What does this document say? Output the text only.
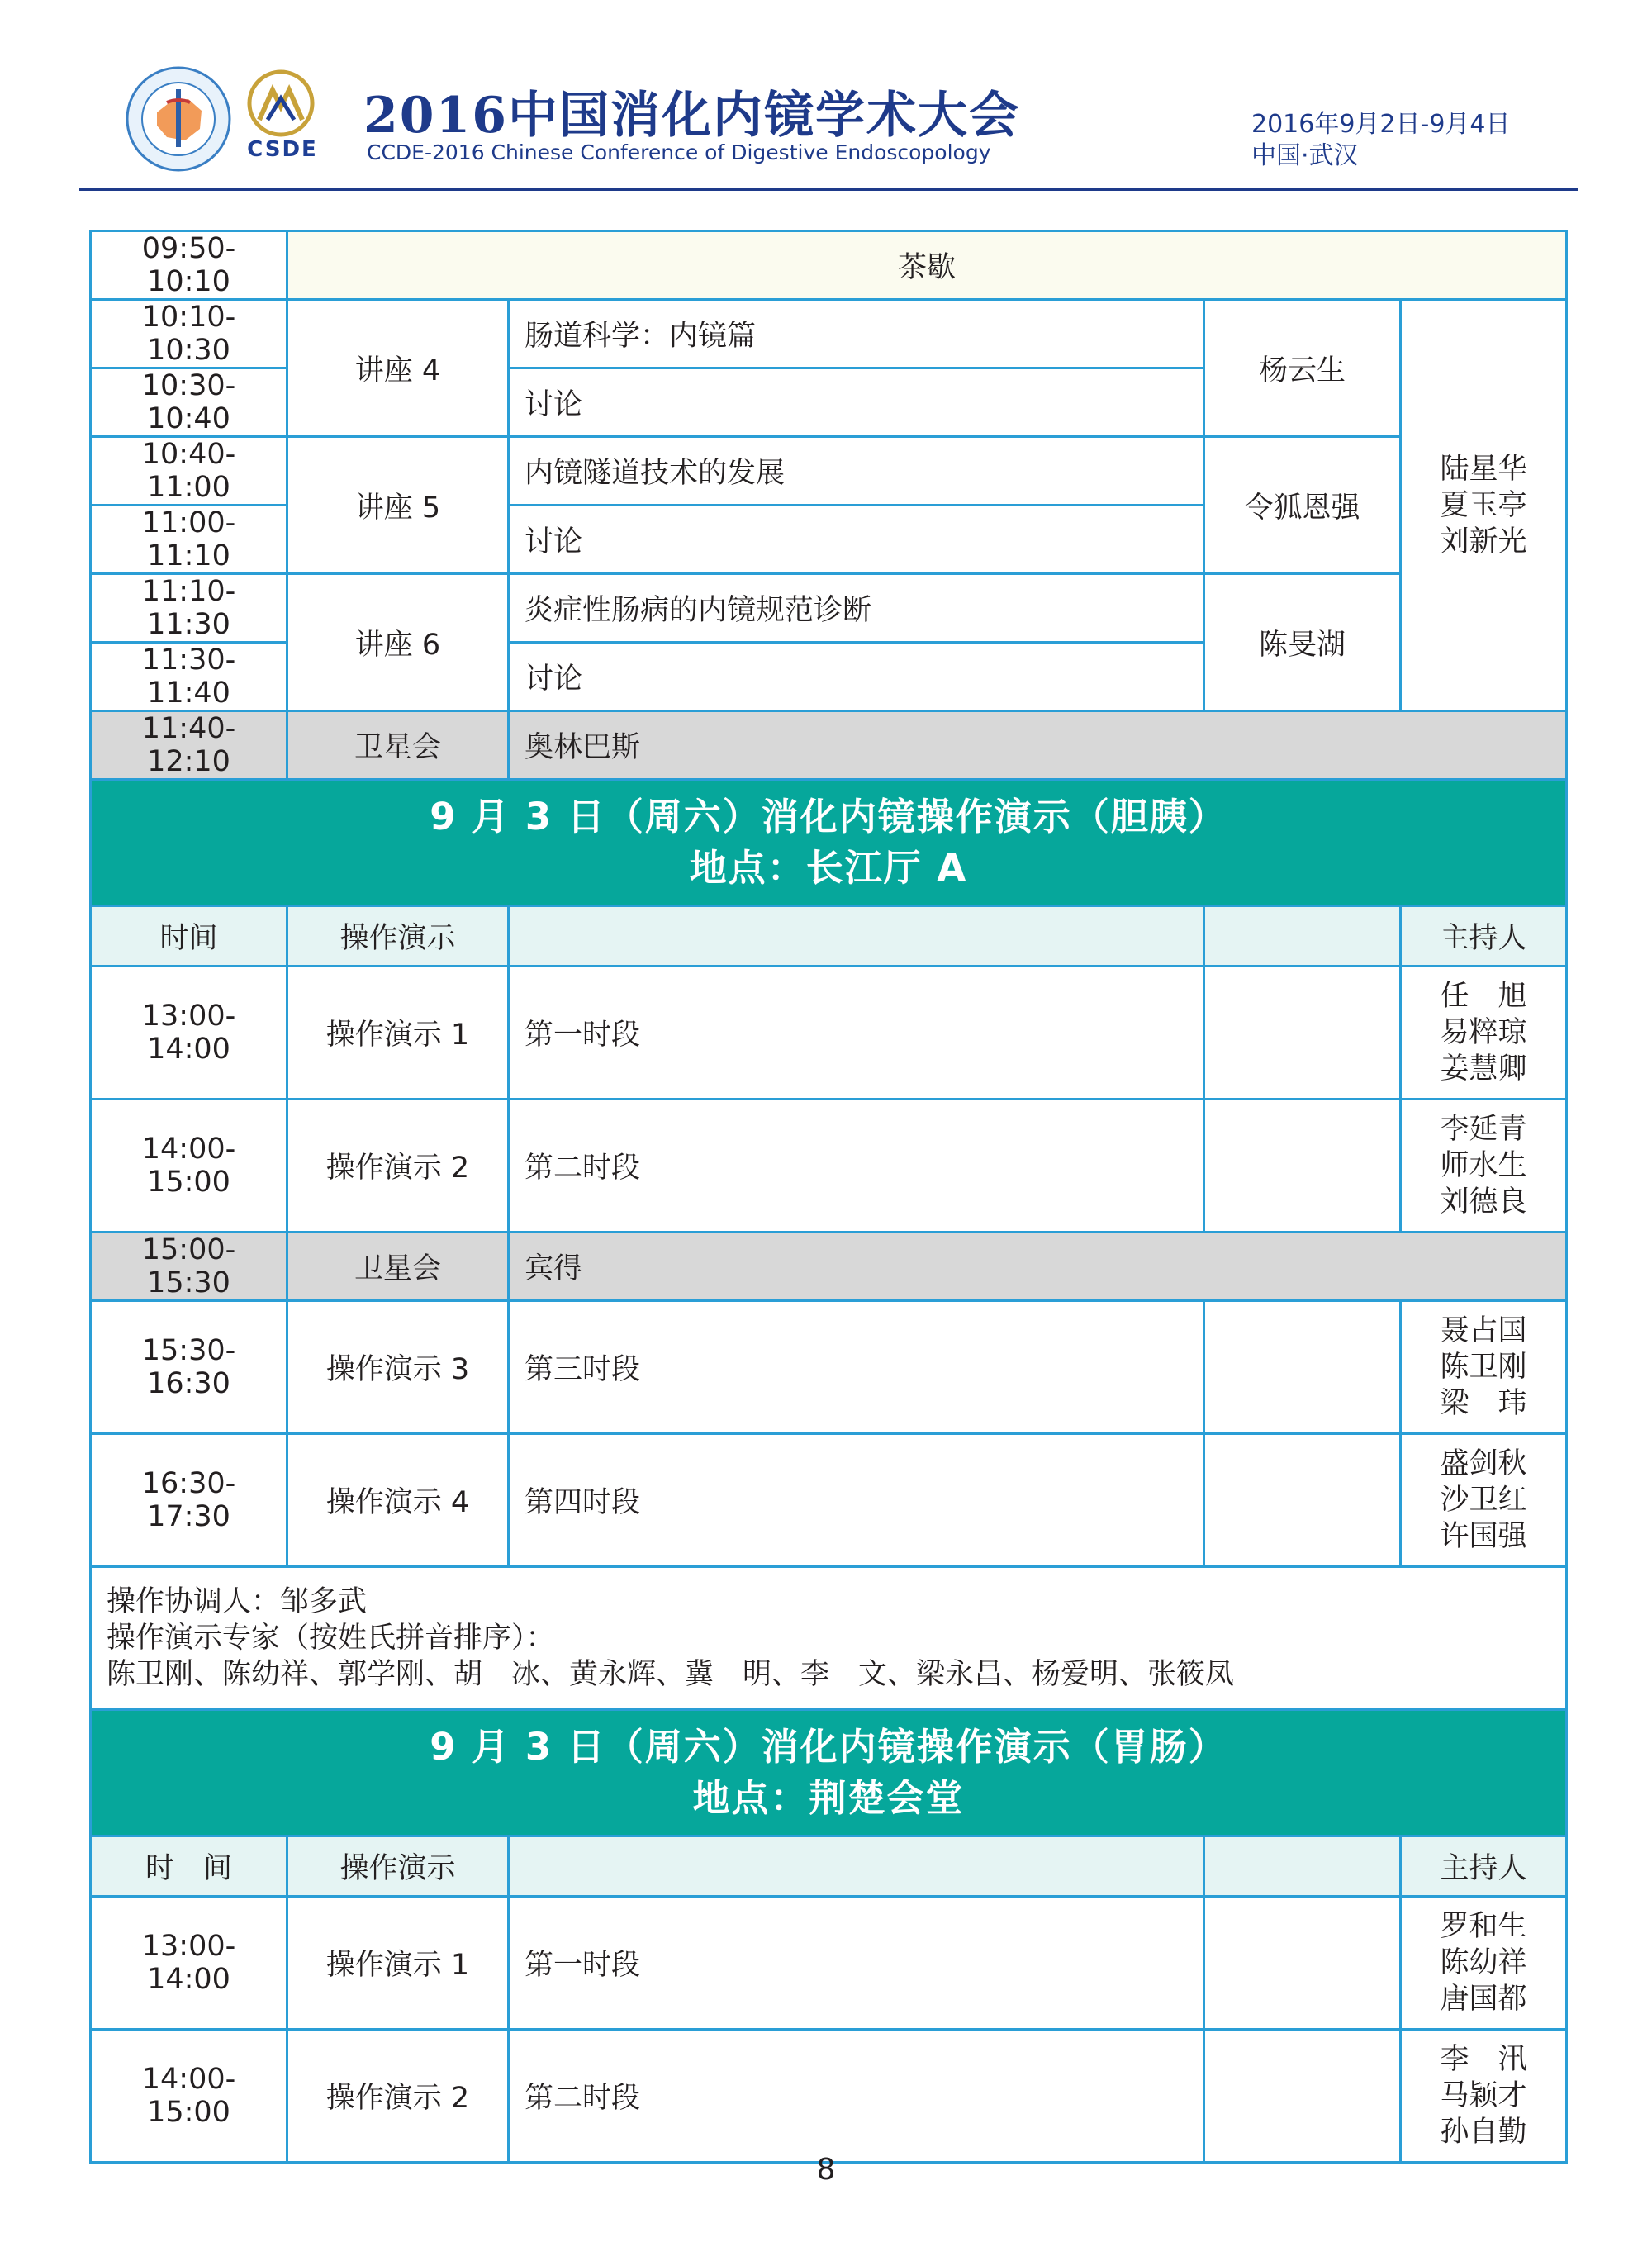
CSDE
2016中国消化内镜学术大会
CCDE-2016 Chinese Conference of Digestive Endoscopology
2016年9月2日-9月4日
中国·武汉
09:50-10:10	茶歇			
10:10-10:30	讲座 4	肠道科学：内镜篇	杨云生	陆星华
夏玉亭
刘新光

10:30-10:40		讨论		
10:40-11:00	讲座 5	内镜隧道技术的发展	令狐恩强	
11:00-11:10		讨论		
11:10-11:30	讲座 6	炎症性肠病的内镜规范诊断	陈旻湖	
11:30-11:40		讨论		
11:40-12:10	卫星会	奥林巴斯		

9 月 3 日（周六）消化内镜操作演示（胆胰）
地点：长江厅 A				

时间	操作演示			主持人
13:00-14:00	操作演示 1	第一时段		任　旭
易粹琼
姜慧卿

14:00-15:00	操作演示 2	第二时段		李延青
师水生
刘德良

15:00-15:30	卫星会	宾得		
15:30-16:30	操作演示 3	第三时段		聂占国
陈卫刚
梁　玮

16:30-17:30	操作演示 4	第四时段		盛剑秋
沙卫红
许国强

操作协调人：邹多武
操作演示专家（按姓氏拼音排序）：
陈卫刚、陈幼祥、郭学刚、胡　冰、黄永辉、冀　明、李　文、梁永昌、杨爱明、张筱凤				

9 月 3 日（周六）消化内镜操作演示（胃肠）
地点：荆楚会堂				

时　间	操作演示			主持人
13:00-14:00	操作演示 1	第一时段		罗和生
陈幼祥
唐国都

14:00-15:00	操作演示 2	第二时段		李　汛
马颖才
孙自勤
8
